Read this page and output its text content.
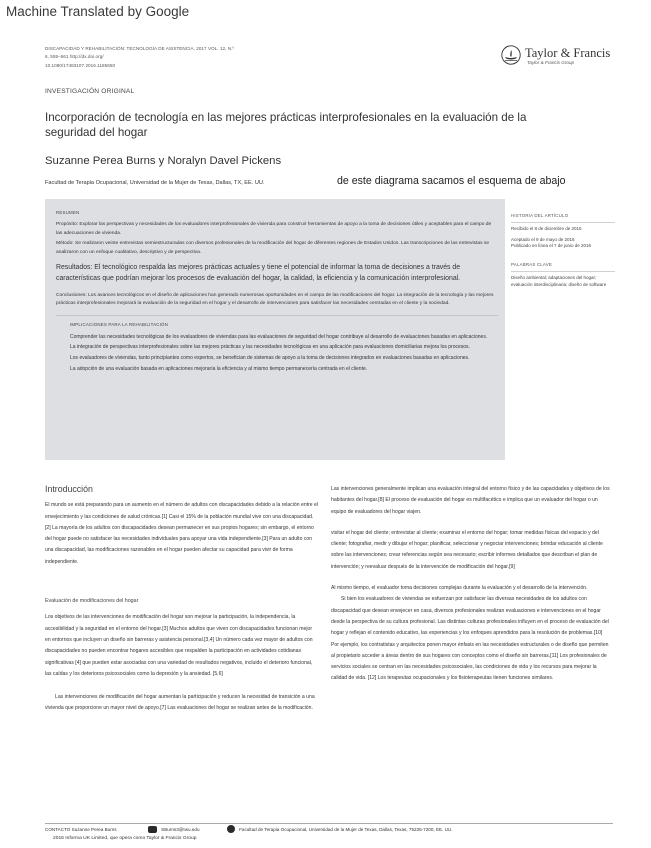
Machine Translated by Google
DISCAPACIDAD Y REHABILITACIÓN: TECNOLOGÍA DE ASISTENCIA, 2017 VOL. 12, N.º
6, 555–561 http://dx.doi.org/
10.1080/17483107.2016.1185650
Taylor & Francis
Taylor & Francis Group
INVESTIGACIÓN ORIGINAL
Incorporación de tecnología en las mejores prácticas interprofesionales en la evaluación de la seguridad del hogar
Suzanne Perea Burns y Noralyn Davel Pickens
Facultad de Terapia Ocupacional, Universidad de la Mujer de Texas, Dallas, TX, EE. UU.	de este diagrama sacamos el esquema de abajo
RESUMEN
Propósito: Explorar las perspectivas y necesidades de los evaluadores interprofesionales de vivienda para construir herramientas de apoyo a la toma de decisiones útiles y aceptables para el campo de las adecuaciones de vivienda.
Método: Se realizaron veinte entrevistas semiestructuradas con diversos profesionales de la modificación del hogar de diferentes regiones de Estados Unidos. Las transcripciones de las entrevistas se analizaron con un enfoque cualitativo, descriptivo y de perspectiva.
Resultados: El tecnológico respalda las mejores prácticas actuales y tiene el potencial de informar la toma de decisiones a través de características que podrían mejorar los procesos de evaluación del hogar, la calidad, la eficiencia y la comunicación interprofesional.
Conclusiones: Los avances tecnológicos en el diseño de aplicaciones han generado numerosas oportunidades en el campo de las modificaciones del hogar. La integración de la tecnología y las mejores prácticas interprofesionales mejorará la evaluación de la seguridad en el hogar y el desarrollo de intervenciones para satisfacer las necesidades centradas en el cliente y la sociedad.
IMPLICACIONES PARA LA REHABILITACIÓN
Comprender las necesidades tecnológicas de los evaluadores de viviendas para las evaluaciones de seguridad del hogar contribuye al desarrollo de evaluaciones basadas en aplicaciones.
La integración de perspectivas interprofesionales sobre las mejores prácticas y las necesidades tecnológicas en una aplicación para evaluaciones domiciliarias mejora los procesos.
Los evaluadores de viviendas, tanto principiantes como expertos, se benefician de sistemas de apoyo a la toma de decisiones integrados en evaluaciones basadas en aplicaciones.
La adopción de una evaluación basada en aplicaciones mejoraría la eficiencia y al mismo tiempo permanecería centrada en el cliente.
HISTORIA DEL ARTÍCULO
Recibido el 8 de diciembre de 2015
Aceptado el 9 de mayo de 2016
Publicado en línea el 7 de junio de 2016
PALABRAS CLAVE
Diseño ambiental; adaptaciones del hogar; evaluación interdisciplinaria; diseño de software
Introducción

El mundo se está preparando para un aumento en el número de adultos con discapacidades debido a la relación entre el envejecimiento y las condiciones de salud crónicas.[1] Casi el 15% de la población mundial vive con una discapacidad.[2] La mayoría de los adultos con discapacidades desean permanecer en sus propios hogares; sin embargo, el entorno del hogar puede no satisfacer las necesidades individuales para apoyar una vida independiente.[3] Para un adulto con una discapacidad, las modificaciones razonables en el hogar pueden afectar su capacidad para vivir de forma independiente.

Evaluación de modificaciones del hogar

Los objetivos de las intervenciones de modificación del hogar son mejorar la participación, la independencia, la accesibilidad y la seguridad en el entorno del hogar.[3] Muchos adultos que viven con discapacidades funcionan mejor en entornos que incluyen un diseño sin barreras y asistencia personal.[3,4] Un número cada vez mayor de adultos con discapacidades no pueden encontrar hogares accesibles que respalden la participación en actividades cotidianas significativas [4] que pueden estar asociadas con una variedad de resultados negativos, incluido el deterioro funcional, las caídas y los deterioros psicosociales como la depresión y la ansiedad. [5,6]

Las intervenciones de modificación del hogar aumentan la participación y reducen la necesidad de transición a una vivienda que proporcione un mayor nivel de apoyo.[7] Las evaluaciones del hogar se realizan antes de la modificación.

Las intervenciones generalmente implican una evaluación integral del entorno físico y de las capacidades y objetivos de los habitantes del hogar.[8] El proceso de evaluación del hogar es multifacético e implica que un evaluador del hogar o un equipo de evaluadores del hogar viajen.

visitar el hogar del cliente; entrevistar al cliente; examinar el entorno del hogar; tomar medidas físicas del espacio y del cliente; fotografiar, medir y dibujar el hogar; planificar, seleccionar y negociar intervenciones; brindar educación al cliente sobre las intervenciones; crear referencias según sea necesario; escribir informes detallados que describan el plan de intervención; y reevaluar después de la intervención de modificación del hogar.[9]

Al mismo tiempo, el evaluador toma decisiones complejas durante la evaluación y el desarrollo de la intervención.

Si bien los evaluadores de viviendas se esfuerzan por satisfacer las diversas necesidades de los adultos con discapacidad que desean envejecer en casa, diversos profesionales realizan evaluaciones e intervenciones en el hogar desde la perspectiva de su cultura profesional. Las distintas culturas profesionales influyen en el proceso de evaluación del hogar y reflejan el contenido educativo, las experiencias y los enfoques aprendidos para la resolución de problemas.[10]

Por ejemplo, los contratistas y arquitectos ponen mayor énfasis en las necesidades estructurales o de diseño que permiten al propietario acceder a áreas dentro de sus hogares con conceptos como el diseño sin barreras.[11] Los profesionales de servicios sociales se centran en las necesidades psicosociales, las condiciones de vida y los recursos para mejorar la calidad de vida. [12] Los terapeutas ocupacionales y los fisioterapeutas tienen funciones similares.

CONTACTO Suzanne Perea Burns	SBurns3@twu.edu	Facultad de Terapia Ocupacional, Universidad de la Mujer de Texas, Dallas, Texas, 75235-7200, EE. UU.
2016 Informa UK Limited, que opera como Taylor & Francis Group
